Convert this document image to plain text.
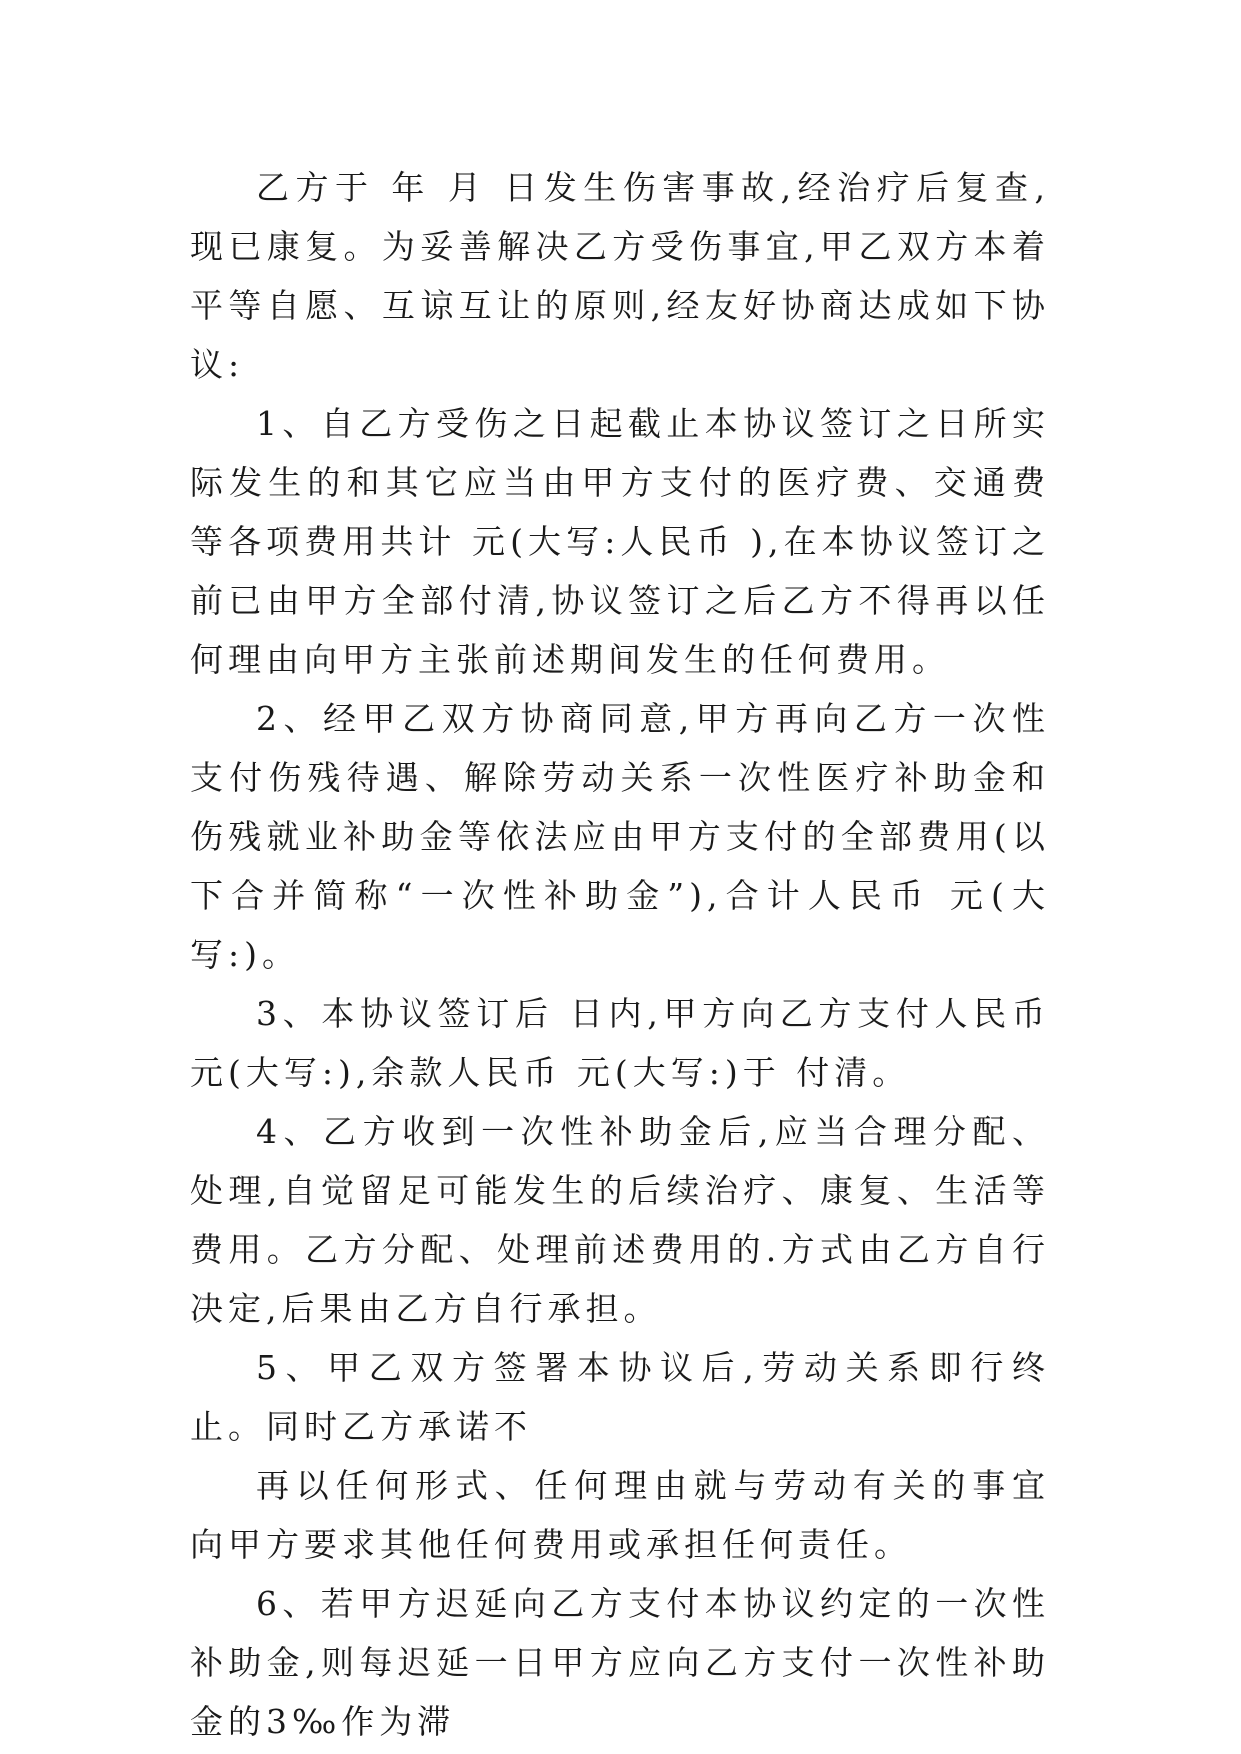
乙方于 年 月 日发生伤害事故,经治疗后复查,现已康复。为妥善解决乙方受伤事宜,甲乙双方本着平等自愿、互谅互让的原则,经友好协商达成如下协议:

1、自乙方受伤之日起截止本协议签订之日所实际发生的和其它应当由甲方支付的医疗费、交通费等各项费用共计 元(大写:人民币 ),在本协议签订之前已由甲方全部付清,协议签订之后乙方不得再以任何理由向甲方主张前述期间发生的任何费用。

2、经甲乙双方协商同意,甲方再向乙方一次性支付伤残待遇、解除劳动关系一次性医疗补助金和伤残就业补助金等依法应由甲方支付的全部费用(以下合并简称“一次性补助金”),合计人民币 元(大写:)。

3、本协议签订后 日内,甲方向乙方支付人民币 元(大写:),余款人民币 元(大写:)于 付清。

4、乙方收到一次性补助金后,应当合理分配、处理,自觉留足可能发生的后续治疗、康复、生活等费用。乙方分配、处理前述费用的.方式由乙方自行决定,后果由乙方自行承担。

5、甲乙双方签署本协议后,劳动关系即行终止。同时乙方承诺不

再以任何形式、任何理由就与劳动有关的事宜向甲方要求其他任何费用或承担任何责任。

6、若甲方迟延向乙方支付本协议约定的一次性补助金,则每迟延一日甲方应向乙方支付一次性补助金的3‰作为滞
